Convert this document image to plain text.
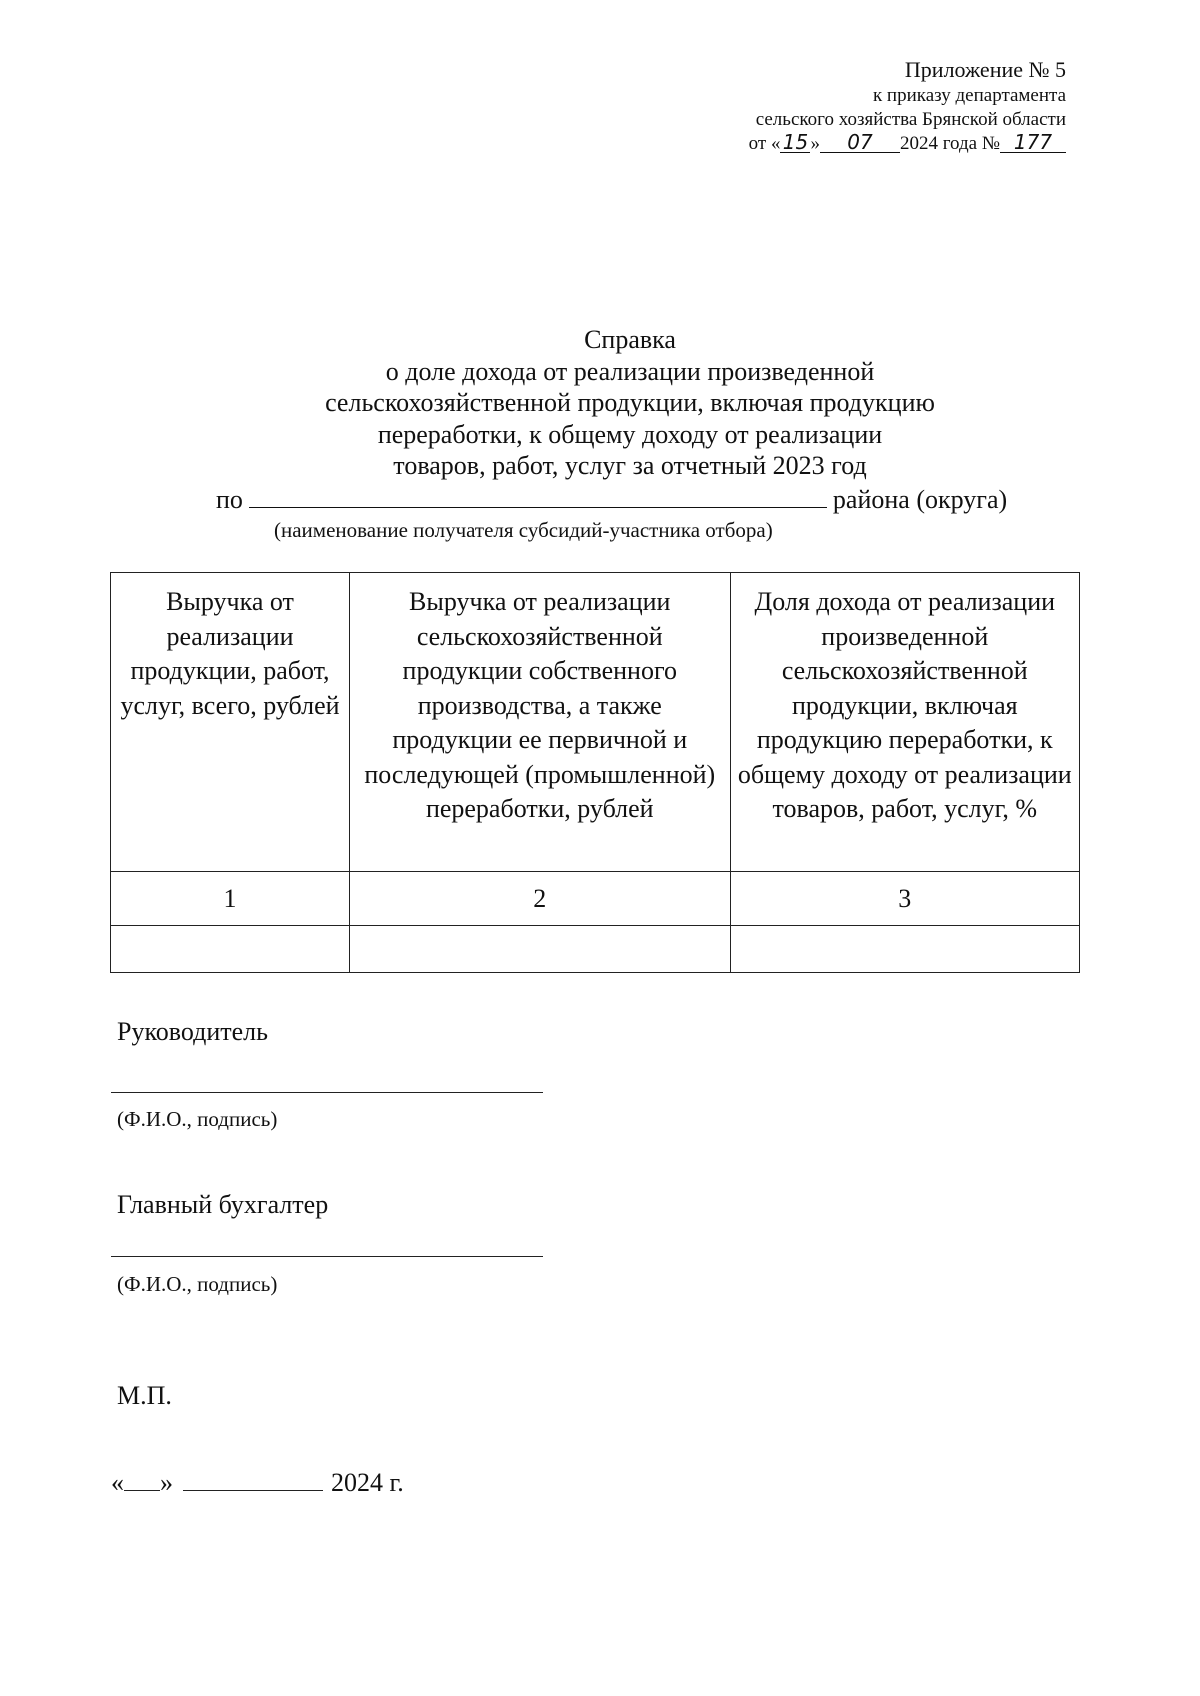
Приложение № 5
к приказу департамента
сельского хозяйства Брянской области
от « 15 » 07 2024 года № 177
Справка
о доле дохода от реализации произведенной
сельскохозяйственной продукции, включая продукцию
переработки, к общему доходу от реализации
товаров, работ, услуг за отчетный 2023 год
по	района (округа)
(наименование получателя субсидий-участника отбора)
Выручка от реализации продукции, работ, услуг, всего, рублей	Выручка от реализации сельскохозяйственной продукции собственного производства, а также продукции ее первичной и последующей (промышленной) переработки, рублей	Доля дохода от реализации произведенной сельскохозяйственной продукции, включая продукцию переработки, к общему доходу от реализации товаров, работ, услуг, %
1	2	3

Руководитель
(Ф.И.О., подпись)
Главный бухгалтер
(Ф.И.О., подпись)
М.П.
« »	2024 г.
